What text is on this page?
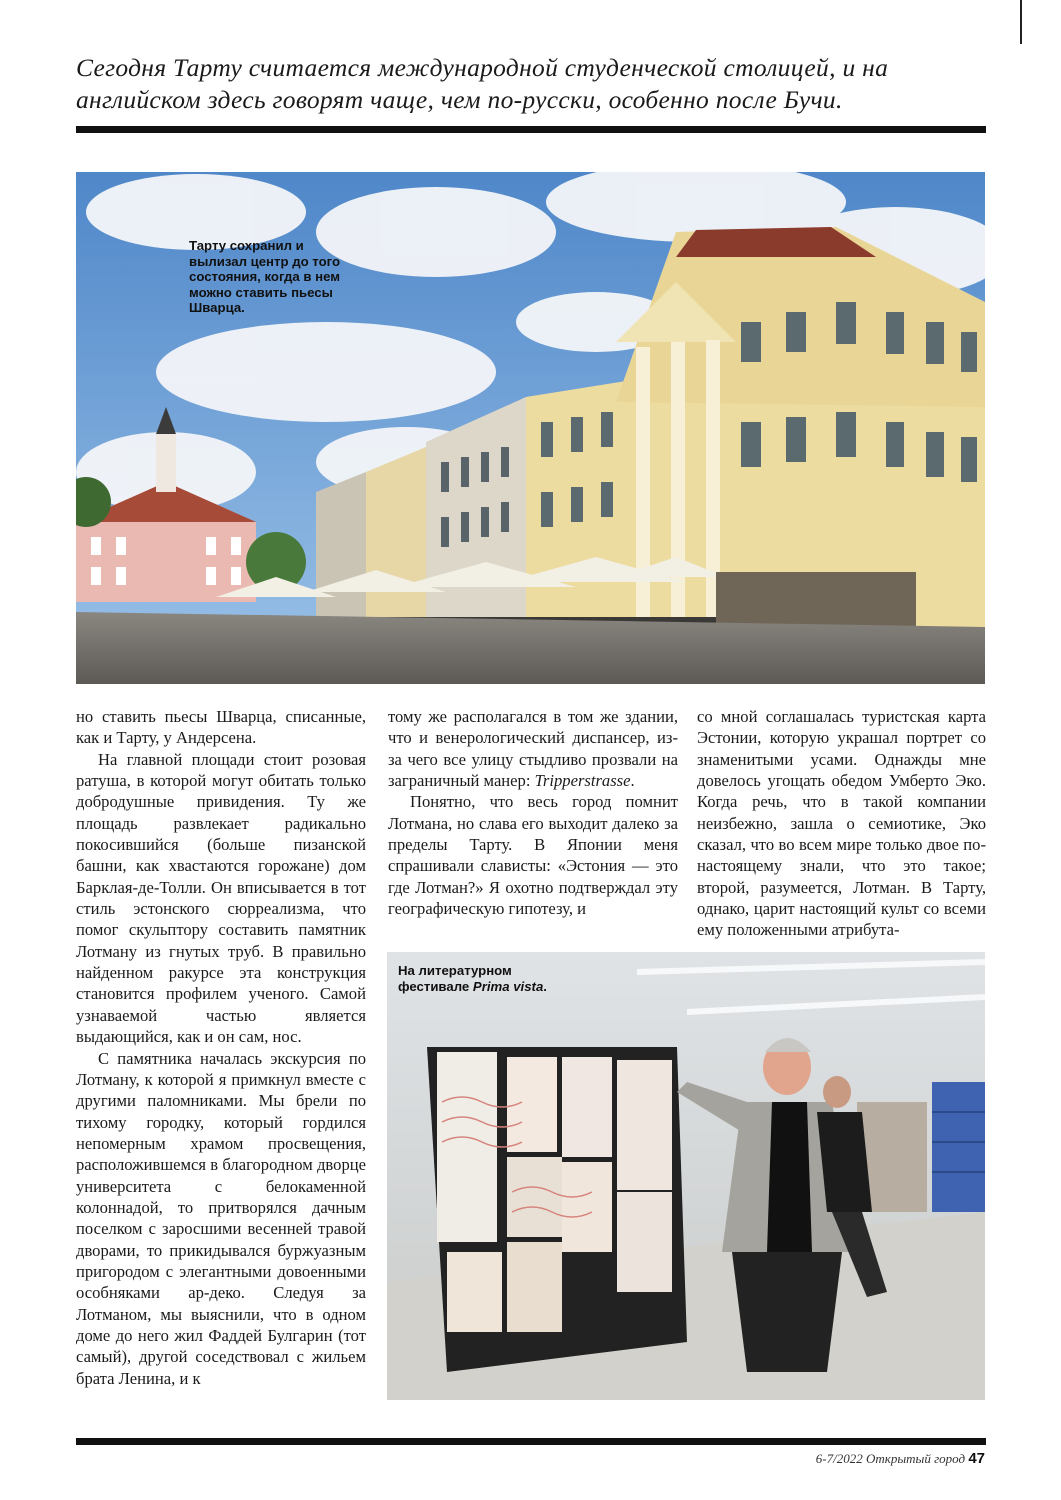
Сегодня Тарту считается международной студенческой столицей, и на английском здесь говорят чаще, чем по-русски, особенно после Бучи.
Тарту сохранил и вылизал центр до того состояния, когда в нем можно ставить пьесы Шварца.

но ставить пьесы Шварца, списанные, как и Тарту, у Андерсена.

На главной площади стоит розовая ратуша, в которой могут обитать только добродушные привидения. Ту же площадь развлекает радикально покосившийся (больше пизанской башни, как хвастаются горожане) дом Барклая-де-Толли. Он вписывается в тот стиль эстонского сюрреализма, что помог скульптору составить памятник Лотману из гнутых труб. В правильно найденном ракурсе эта конструкция становится профилем ученого. Самой узнаваемой частью является выдающийся, как и он сам, нос.

С памятника началась экскурсия по Лотману, к которой я примкнул вместе с другими паломниками. Мы брели по тихому городку, который гордился непомерным храмом просвещения, расположившемся в благородном дворце университета с белокаменной колоннадой, то притворялся дачным поселком с заросшими весенней травой дворами, то прикидывался буржуазным пригородом с элегантными довоенными особняками ар-деко. Следуя за Лотманом, мы выяснили, что в одном доме до него жил Фаддей Булгарин (тот самый), другой соседствовал с жильем брата Ленина, и к

тому же располагался в том же здании, что и венерологический диспансер, из-за чего все улицу стыдливо прозвали на заграничный манер: Tripperstrasse.

Понятно, что весь город помнит Лотмана, но слава его выходит далеко за пределы Тарту. В Японии меня спрашивали слависты: «Эстония — это где Лотман?» Я охотно подтверждал эту географическую гипотезу, и

со мной соглашалась туристская карта Эстонии, которую украшал портрет со знаменитыми усами. Однажды мне довелось угощать обедом Умберто Эко. Когда речь, что в такой компании неизбежно, зашла о семиотике, Эко сказал, что во всем мире только двое по-настоящему знали, что это такое; второй, разумеется, Лотман. В Тарту, однако, царит настоящий культ со всеми ему положенными атрибута-

На литературном фестивале Prima vista.
6-7/2022 Открытый город 47
